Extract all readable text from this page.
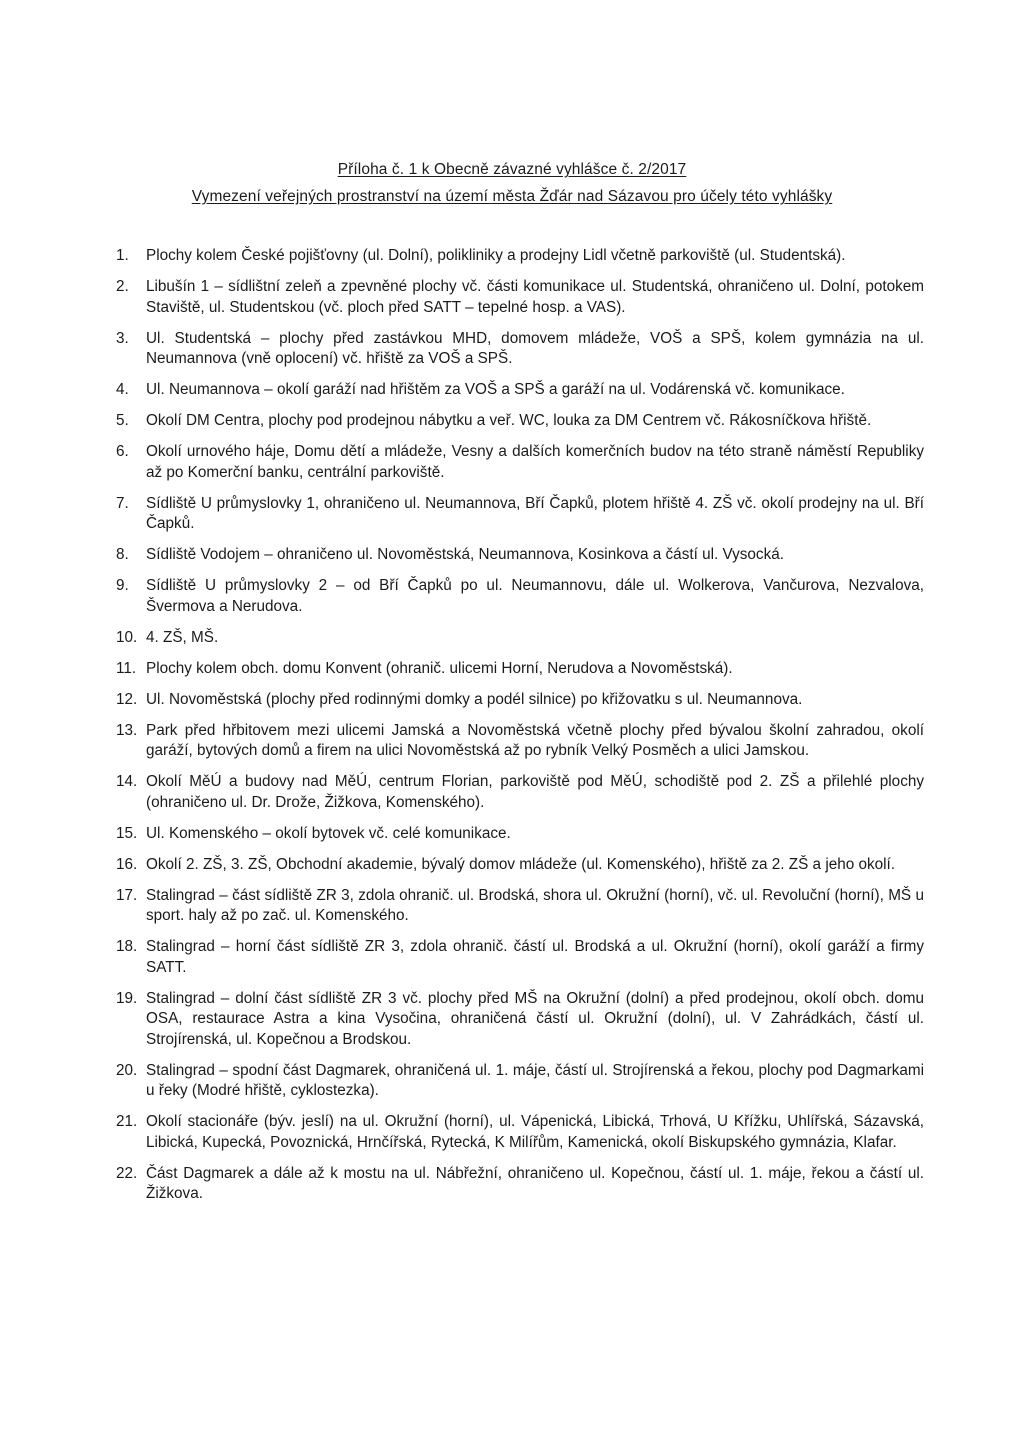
Příloha č. 1 k Obecně závazné vyhlášce č. 2/2017
Vymezení veřejných prostranství na území města Žďár nad Sázavou pro účely této vyhlášky
1.	Plochy kolem České pojišťovny (ul. Dolní), polikliniky a prodejny Lidl včetně parkoviště (ul. Studentská).
2.	Libušín 1 – sídlištní zeleň a zpevněné plochy vč. části komunikace ul. Studentská, ohraničeno ul. Dolní, potokem Staviště, ul. Studentskou (vč. ploch před SATT – tepelné hosp. a VAS).
3.	Ul. Studentská – plochy před zastávkou MHD, domovem mládeže, VOŠ a SPŠ, kolem gymnázia na ul. Neumannova (vně oplocení) vč. hřiště za VOŠ a SPŠ.
4.	Ul. Neumannova – okolí garáží nad hřištěm za VOŠ a SPŠ a garáží na ul. Vodárenská vč. komunikace.
5.	Okolí DM Centra, plochy pod prodejnou nábytku a veř. WC, louka za DM Centrem vč. Rákosníčkova hřiště.
6.	Okolí urnového háje, Domu dětí a mládeže, Vesny a dalších komerčních budov na této straně náměstí Republiky až po Komerční banku, centrální parkoviště.
7.	Sídliště U průmyslovky 1, ohraničeno ul. Neumannova, Bří Čapků, plotem hřiště 4. ZŠ vč. okolí prodejny na ul. Bří Čapků.
8.	Sídliště Vodojem – ohraničeno ul. Novoměstská, Neumannova, Kosinkova a částí ul. Vysocká.
9.	Sídliště U průmyslovky 2 – od Bří Čapků po ul. Neumannovu, dále ul. Wolkerova, Vančurova, Nezvalova, Švermova a Nerudova.
10. 4. ZŠ, MŠ.
11. Plochy kolem obch. domu Konvent (ohranič. ulicemi Horní, Nerudova a Novoměstská).
12. Ul. Novoměstská (plochy před rodinnými domky a podél silnice) po křižovatku s ul. Neumannova.
13. Park před hřbitovem mezi ulicemi Jamská a Novoměstská včetně plochy před bývalou školní zahradou, okolí garáží, bytových domů a firem na ulici Novoměstská až po rybník Velký Posměch a ulici Jamskou.
14. Okolí MěÚ a budovy nad MěÚ, centrum Florian, parkoviště pod MěÚ, schodiště pod 2. ZŠ a přilehlé plochy (ohraničeno ul. Dr. Drože, Žižkova, Komenského).
15. Ul. Komenského – okolí bytovek vč. celé komunikace.
16. Okolí 2. ZŠ, 3. ZŠ, Obchodní akademie, bývalý domov mládeže (ul. Komenského), hřiště za 2. ZŠ a jeho okolí.
17. Stalingrad – část sídliště ZR 3, zdola ohranič. ul. Brodská, shora ul. Okružní (horní), vč. ul. Revoluční (horní), MŠ u sport. haly až po zač. ul. Komenského.
18. Stalingrad – horní část sídliště ZR 3, zdola ohranič. částí ul. Brodská a ul. Okružní (horní), okolí garáží a firmy SATT.
19. Stalingrad – dolní část sídliště ZR 3 vč. plochy před MŠ na Okružní (dolní) a před prodejnou, okolí obch. domu OSA, restaurace Astra a kina Vysočina, ohraničená částí ul. Okružní (dolní), ul. V Zahrádkách, částí ul. Strojírenská, ul. Kopečnou a Brodskou.
20. Stalingrad – spodní část Dagmarek, ohraničená ul. 1. máje, částí ul. Strojírenská a řekou, plochy pod Dagmarkami u řeky (Modré hřiště, cyklostezka).
21. Okolí stacionáře (býv. jeslí) na ul. Okružní (horní), ul. Vápenická, Libická, Trhová, U Křížku, Uhlířská, Sázavská, Libická, Kupecká, Povoznická, Hrnčířská, Rytecká, K Milířům, Kamenická, okolí Biskupského gymnázia, Klafar.
22. Část Dagmarek a dále až k mostu na ul. Nábřežní, ohraničeno ul. Kopečnou, částí ul. 1. máje, řekou a částí ul. Žižkova.
